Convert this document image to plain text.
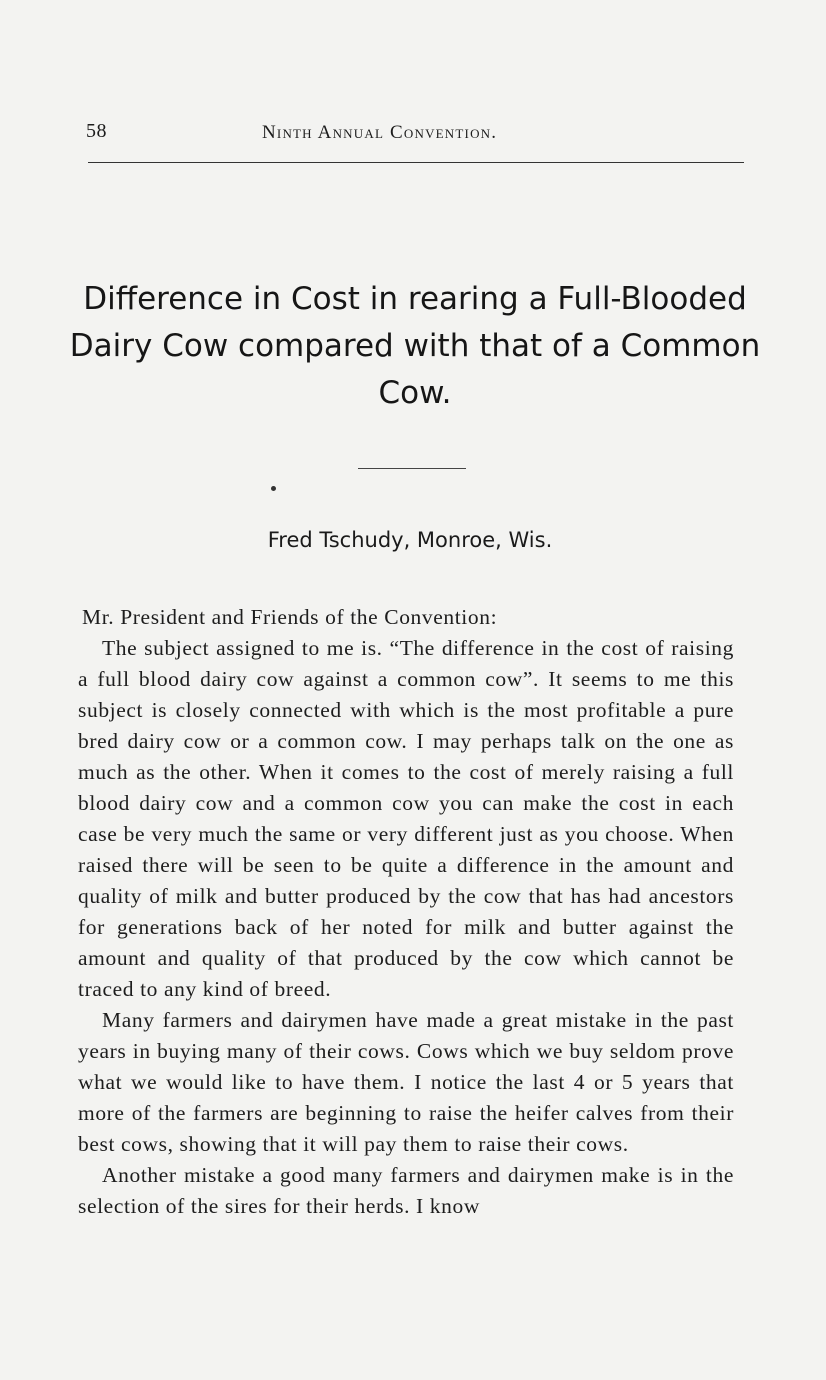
58	Ninth Annual Convention.
Difference in Cost in rearing a Full-Blooded Dairy Cow compared with that of a Common Cow.
Fred Tschudy, Monroe, Wis.

Mr. President and Friends of the Convention:

The subject assigned to me is. “The difference in the cost of raising a full blood dairy cow against a common cow”. It seems to me this subject is closely connected with which is the most profitable a pure bred dairy cow or a common cow. I may perhaps talk on the one as much as the other. When it comes to the cost of merely raising a full blood dairy cow and a common cow you can make the cost in each case be very much the same or very different just as you choose. When raised there will be seen to be quite a difference in the amount and quality of milk and butter produced by the cow that has had ancestors for generations back of her noted for milk and butter against the amount and quality of that produced by the cow which cannot be traced to any kind of breed.

Many farmers and dairymen have made a great mistake in the past years in buying many of their cows. Cows which we buy seldom prove what we would like to have them. I notice the last 4 or 5 years that more of the farmers are beginning to raise the heifer calves from their best cows, showing that it will pay them to raise their cows.

Another mistake a good many farmers and dairymen make is in the selection of the sires for their herds. I know
